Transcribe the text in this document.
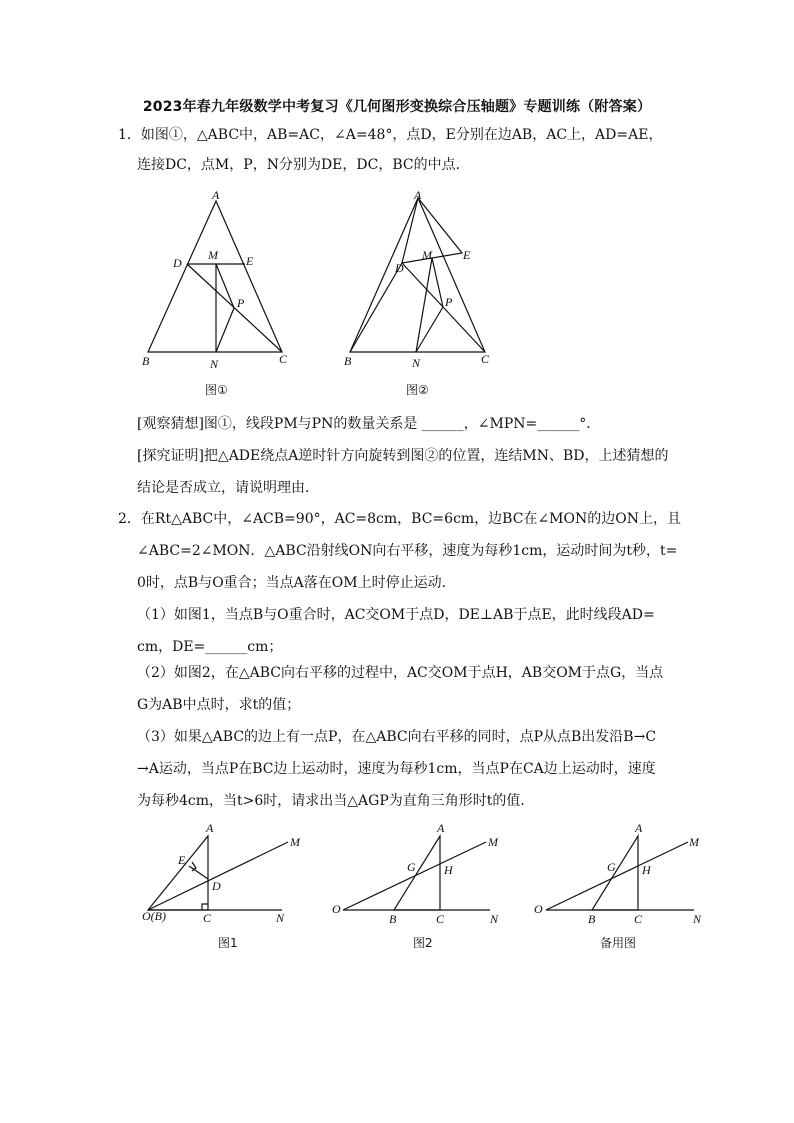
2023年春九年级数学中考复习《几何图形变换综合压轴题》专题训练（附答案）
1．如图①，△ABC中，AB=AC，∠A=48°，点D，E分别在边AB，AC上，AD=AE，
连接DC，点M，P，N分别为DE，DC，BC的中点．
A
D
M E
P
B	N	C
图①
A
D
M	E
P
B	N	C
图②
[观察猜想]图①，线段PM与PN的数量关系是 ______，∠MPN=______°．
[探究证明]把△ADE绕点A逆时针方向旋转到图②的位置，连结MN、BD，上述猜想的
结论是否成立，请说明理由．
2．在Rt△ABC中，∠ACB=90°，AC=8cm，BC=6cm，边BC在∠MON的边ON上，且
∠ABC=2∠MON．△ABC沿射线ON向右平移，速度为每秒1cm，运动时间为t秒，t=
0时，点B与O重合；当点A落在OM上时停止运动．
（1）如图1，当点B与O重合时，AC交OM于点D，DE⊥AB于点E，此时线段AD=
cm，DE=______cm；
（2）如图2，在△ABC向右平移的过程中，AC交OM于点H，AB交OM于点G，当点
G为AB中点时，求t的值；
（3）如果△ABC的边上有一点P，在△ABC向右平移的同时，点P从点B出发沿B→C
→A运动，当点P在BC边上运动时，速度为每秒1cm，当点P在CA边上运动时，速度
为每秒4cm，当t>6时，请求出当△AGP为直角三角形时t的值．
A
E
D
M
O(B)	C	N
图1
O
A
G H
M
B	C	N
图2
O
A
G H
M
B	C	N
备用图
